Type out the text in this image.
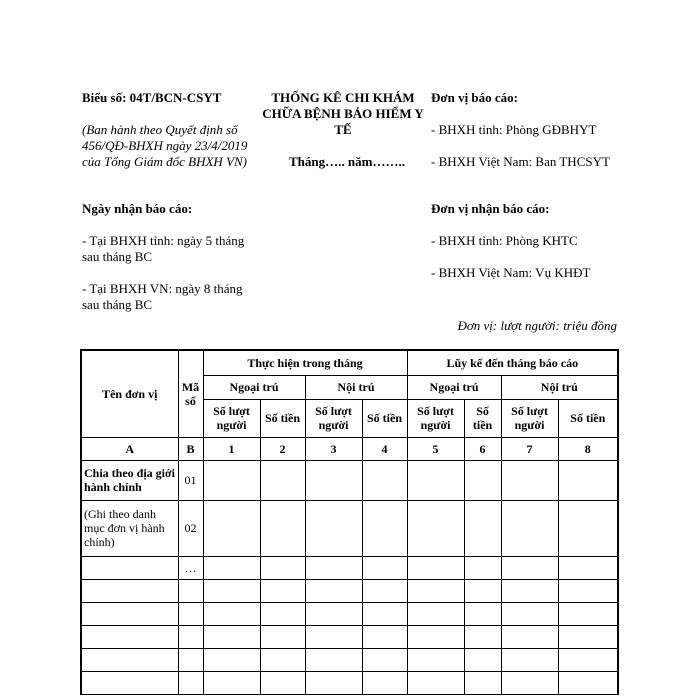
Biểu số: 04T/BCN-CSYT	THỐNG KÊ CHI KHÁM
CHỮA BỆNH BẢO HIỂM Y
TẾ
Đơn vị báo cáo:
(Ban hành theo Quyết định số 456/QĐ-BHXH ngày 23/4/2019 của Tổng Giám đốc BHXH VN)
- BHXH tỉnh: Phòng GĐBHYT
Tháng….. năm……..	- BHXH Việt Nam: Ban THCSYT
Ngày nhận báo cáo:	Đơn vị nhận báo cáo:
- Tại BHXH tỉnh: ngày 5 tháng sau tháng BC
- BHXH tỉnh: Phòng KHTC
- BHXH Việt Nam: Vụ KHĐT
- Tại BHXH VN: ngày 8 tháng sau tháng BC
Đơn vị: lượt người: triệu đồng
Tên đơn vị	Mã số	Thực hiện trong tháng				Lũy kế đến tháng báo cáo			
		Ngoại trú		Nội trú		Ngoại trú		Nội trú	
		Số lượt người	Số tiền	Số lượt người	Số tiền	Số lượt người	Số tiền	Số lượt người	Số tiền
A	B	1	2	3	4	5	6	7	8
Chia theo địa giới hành chính	01								
(Ghi theo danh mục đơn vị hành chính)	02								
	…								
